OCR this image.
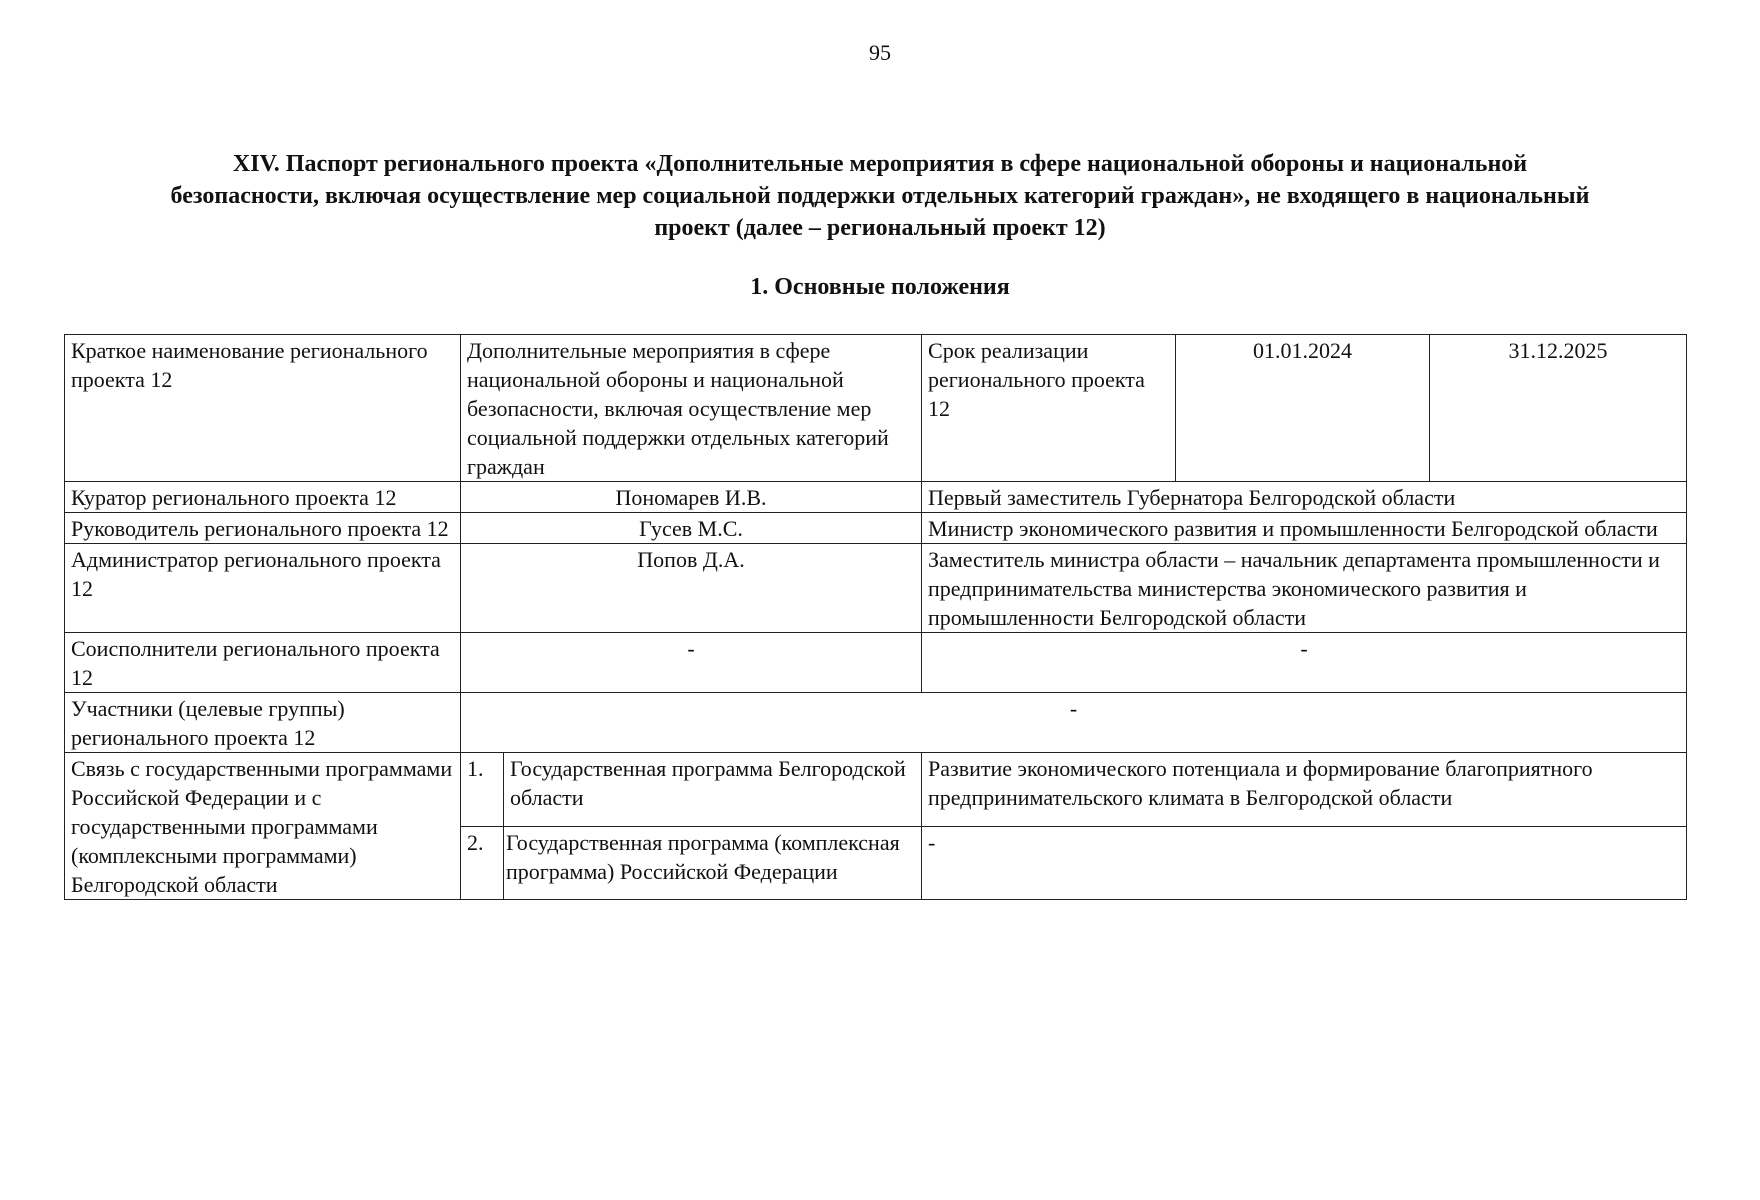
95
XIV. Паспорт регионального проекта «Дополнительные мероприятия в сфере национальной обороны и национальной
безопасности, включая осуществление мер социальной поддержки отдельных категорий граждан», не входящего в национальный
проект (далее – региональный проект 12)
1. Основные положения
Краткое наименование регионального проекта 12	Дополнительные мероприятия в сфере национальной обороны и национальной безопасности, включая осуществление мер социальной поддержки отдельных категорий граждан		Срок реализации регионального проекта 12	01.01.2024	31.12.2025
Куратор регионального проекта 12	Пономарев И.В.		Первый заместитель Губернатора Белгородской области		
Руководитель регионального проекта 12	Гусев М.С.		Министр экономического развития и промышленности Белгородской области		
Администратор регионального проекта 12	Попов Д.А.		Заместитель министра области – начальник департамента промышленности и предпринимательства министерства экономического развития и промышленности Белгородской области		
Соисполнители регионального проекта 12	-		-		
Участники (целевые группы) регионального проекта 12	-				
Связь с государственными программами Российской Федерации и с государственными программами (комплексными программами) Белгородской области	1.	Государственная программа Белгородской области	Развитие экономического потенциала и формирование благоприятного предпринимательского климата в Белгородской области		
	2.	Государственная программа (комплексная программа) Российской Федерации	-		
